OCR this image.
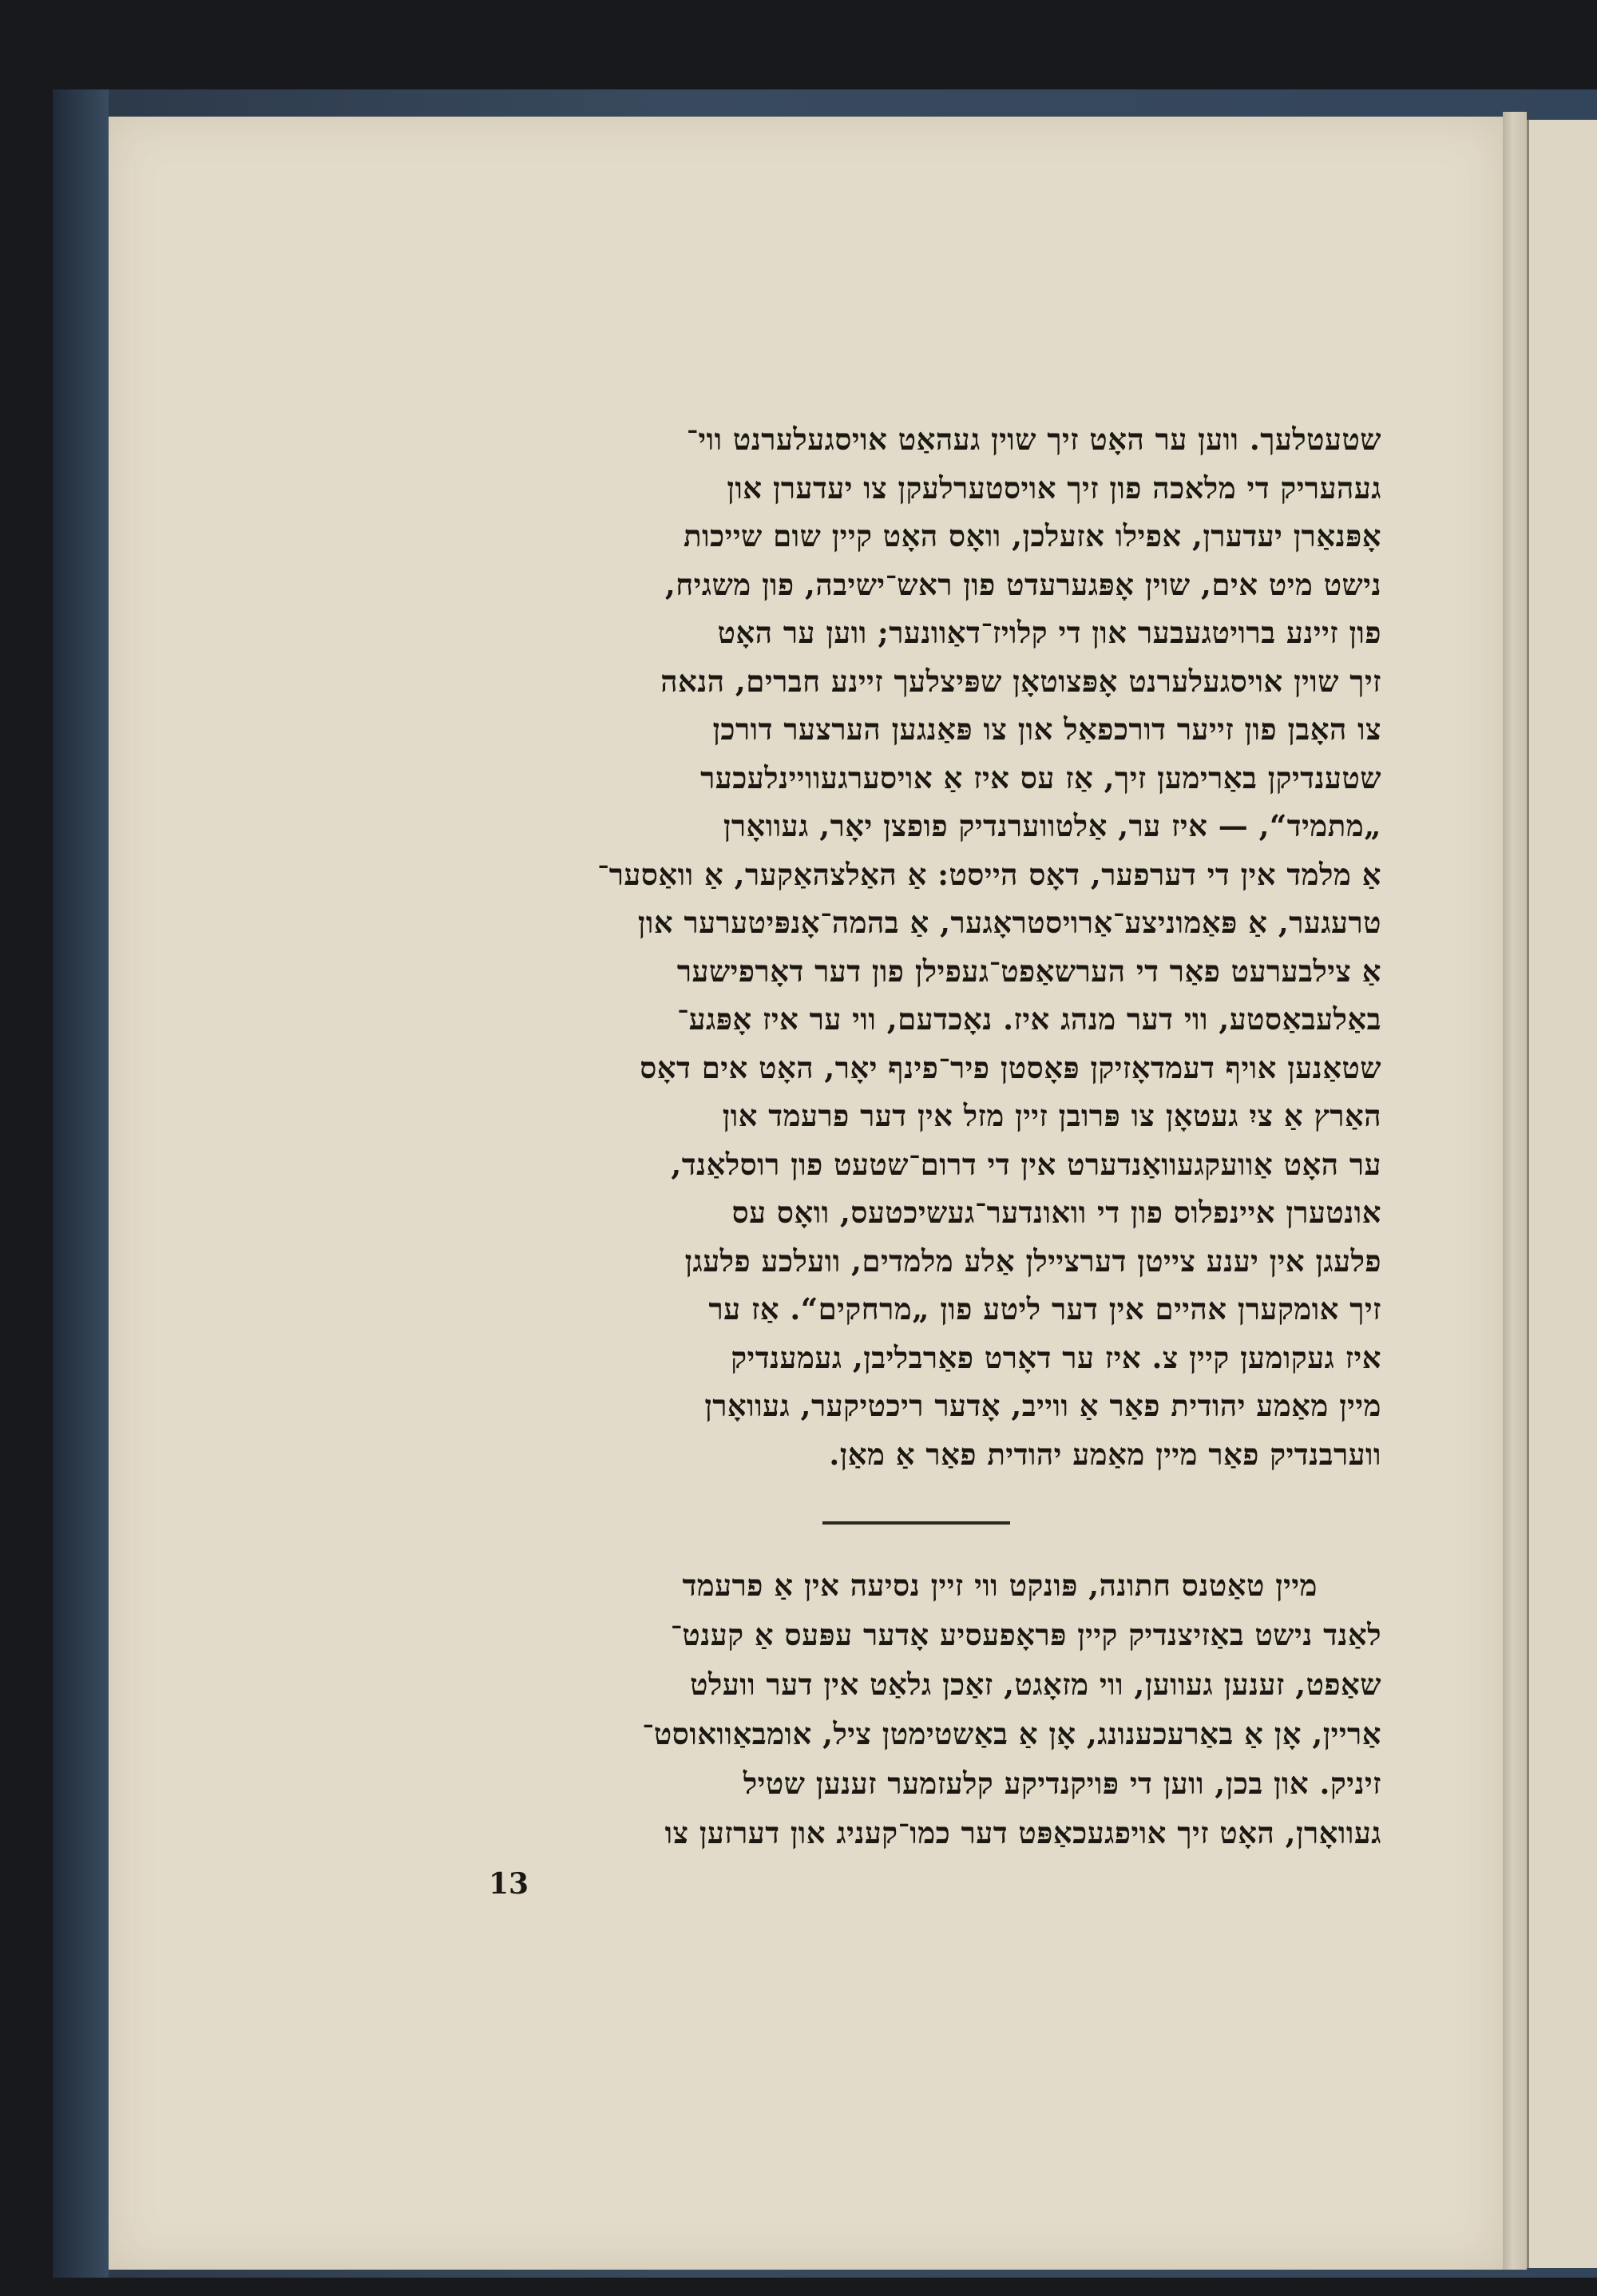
שטעטלעך. ווען ער האָט זיך שוין געהאַט אויסגעלערנט ווי־
געהעריק די מלאכה פון זיך אויסטערלעקן צו יעדערן און
אָפּנאַרן יעדערן, אפילו אזעלכן, וואָס האָט קיין שום שייכות
נישט מיט אים, שוין אָפּגערעדט פון ראש־ישיבה, פון משגיח,
פון זיינע ברויטגעבער און די קלויז־דאַוונער; ווען ער האָט
זיך שוין אויסגעלערנט אָפּצוטאָן שפּיצלעך זיינע חברים, הנאה
צו האָבן פון זייער דורכפאַל און צו פּאַנגען הערצער דורכן
שטענדיקן באַרימען זיך, אַז עס איז אַ אויסערגעוויינלעכער
„מתמיד“, — איז ער, אַלטווערנדיק פופצן יאָר, געוואָרן
אַ מלמד אין די דערפער, דאָס הייסט: אַ האַלצהאַקער, אַ וואַסער־
טרעגער, אַ פּאַמוניצע־אַרויסטראָגער, אַ בהמה־אָנפּיטערער און
אַ צילבערעט פאַר די הערשאַפט־געפילן פון דער דאָרפישער
באַלעבאַסטע, ווי דער מנהג איז. נאָכדעם, ווי ער איז אָפּגע־
שטאַנען אויף דעמדאָזיקן פּאָסטן פיר־פינף יאָר, האָט אים דאָס
האַרץ אַ ציִ געטאָן צו פּרובן זיין מזל אין דער פרעמד און
ער האָט אַוועקגעוואַנדערט אין די דרום־שטעט פון רוסלאַנד,
אונטערן איינפלוס פון די וואונדער־געשיכטעס, וואָס עס
פלעגן אין יענע צייטן דערציילן אַלע מלמדים, וועלכע פלעגן
זיך אומקערן אהיים אין דער ליטע פון „מרחקים“. אַז ער
איז געקומען קיין צ. איז ער דאָרט פאַרבליבן, געמענדיק
מיין מאַמע יהודית פאַר אַ ווייב, אָדער ריכטיקער, געוואָרן
ווערבנדיק פאַר מיין מאַמע יהודית פאַר אַ מאַן.
מיין טאַטנס חתונה, פּונקט ווי זיין נסיעה אין אַ פרעמד
לאַנד נישט באַזיצנדיק קיין פּראָפעסיע אָדער עפּעס אַ קענט־
שאַפט, זענען געווען, ווי מזאָגט, זאַכן גלאַט אין דער וועלט
אַריין, אָן אַ באַרעכענונג, אָן אַ באַשטימטן ציל, אומבאַוואוסט־
זיניק. און בכן, ווען די פּויקנדיקע קלעזמער זענען שטיל
געוואָרן, האָט זיך אויפגעכאַפּט דער כמו־קעניג און דערזען צו
13
